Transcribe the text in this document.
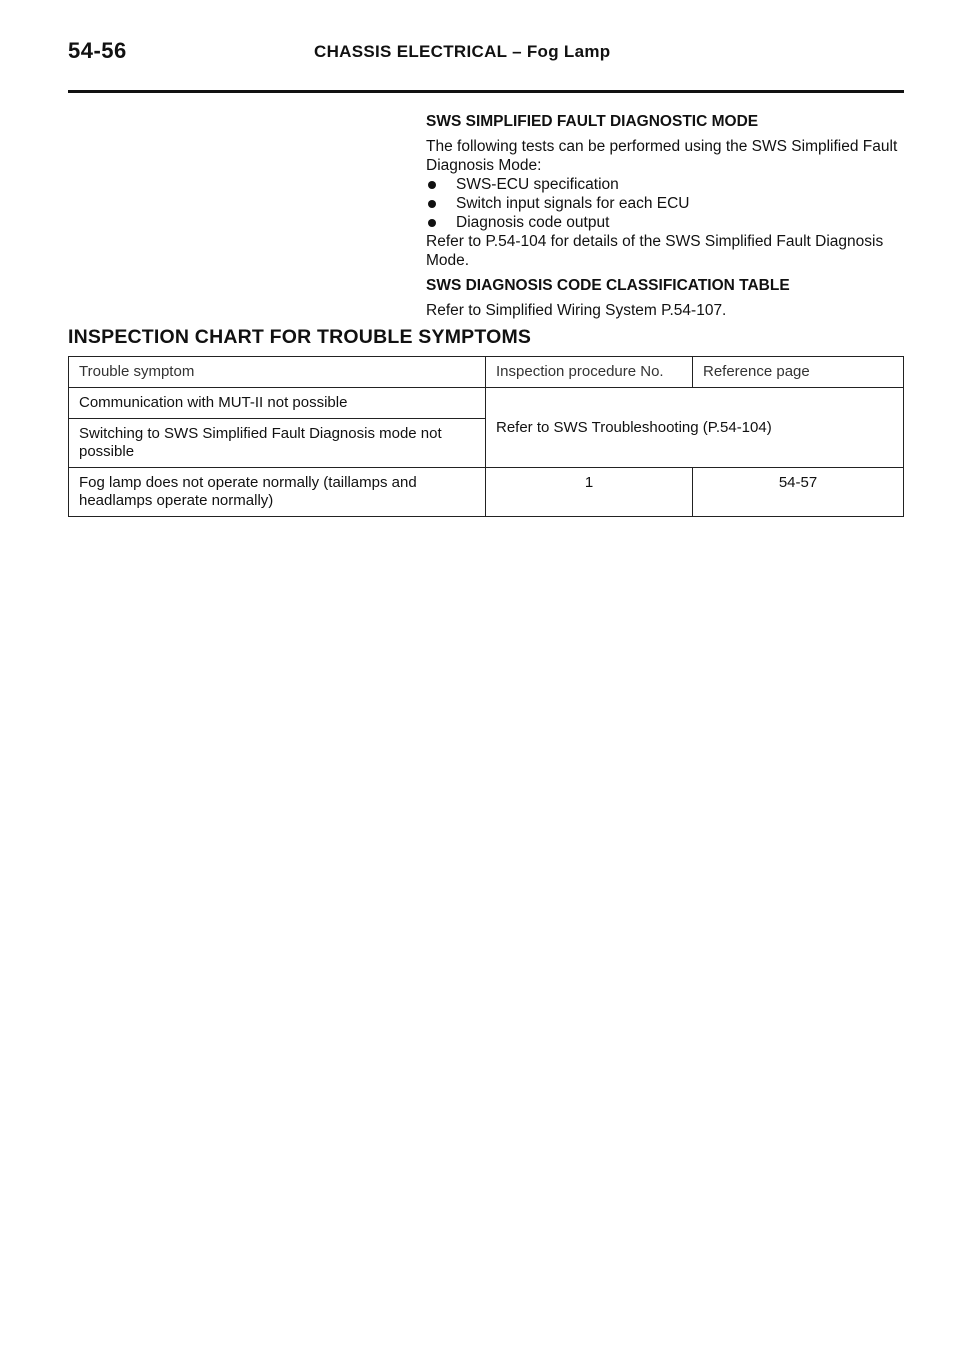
54-56	CHASSIS ELECTRICAL – Fog Lamp
SWS SIMPLIFIED FAULT DIAGNOSTIC MODE

The following tests can be performed using the SWS Simplified Fault Diagnosis Mode:

SWS-ECU specification
Switch input signals for each ECU
Diagnosis code output

Refer to P.54-104 for details of the SWS Simplified Fault Diagnosis Mode.

SWS DIAGNOSIS CODE CLASSIFICATION TABLE

Refer to Simplified Wiring System P.54-107.

INSPECTION CHART FOR TROUBLE SYMPTOMS
Trouble symptom	Inspection procedure No.	Reference page
Communication with MUT-II not possible	Refer to SWS Troubleshooting (P.54-104)	
Switching to SWS Simplified Fault Diagnosis mode not possible		
Fog lamp does not operate normally (taillamps and headlamps operate normally)	1	54-57
